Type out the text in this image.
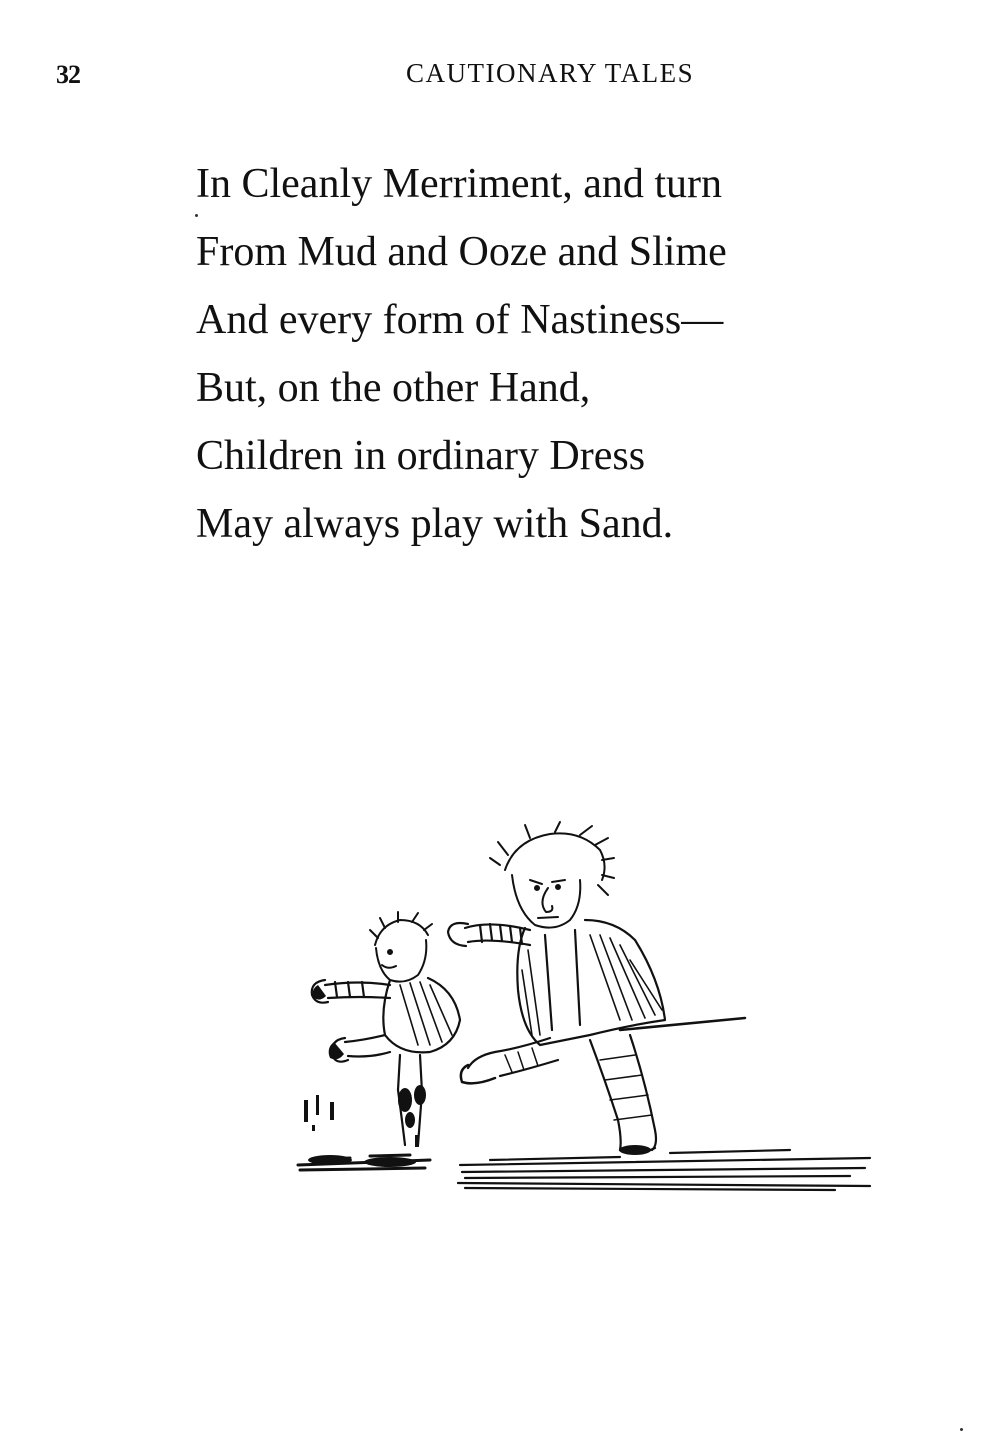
32	CAUTIONARY TALES
In Cleanly Merriment, and turn
From Mud and Ooze and Slime
And every form of Nastiness—
But, on the other Hand,
Children in ordinary Dress
May always play with Sand.
